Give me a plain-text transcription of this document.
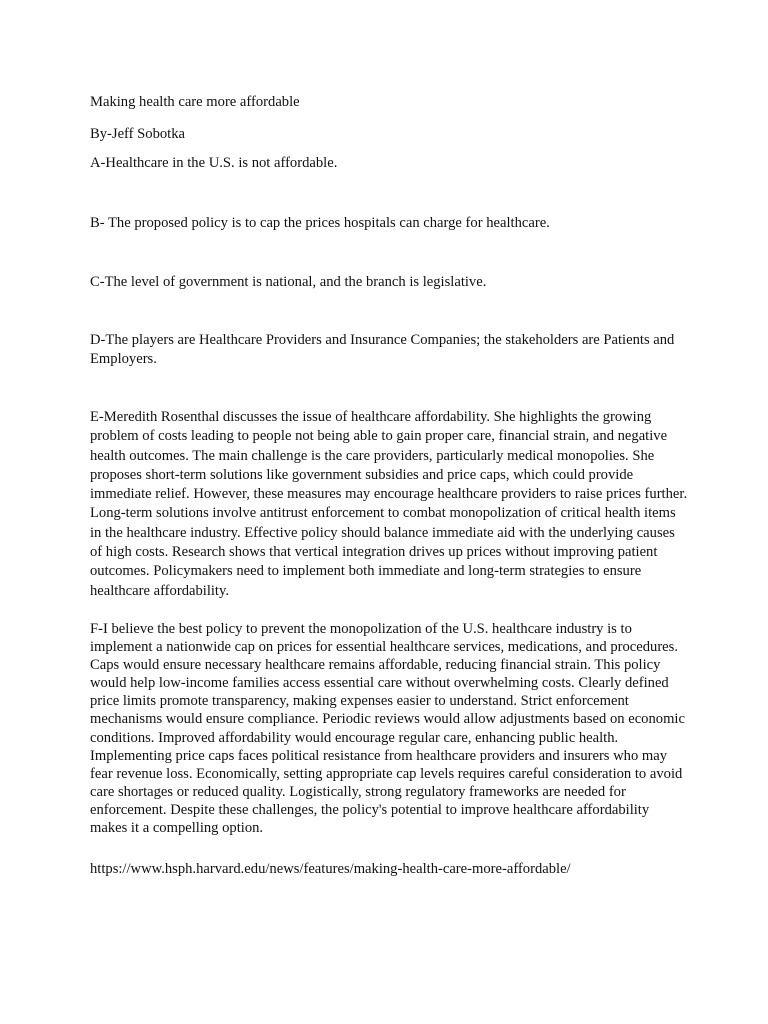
Making health care more affordable

By-Jeff Sobotka

A-Healthcare in the U.S. is not affordable.

B- The proposed policy is to cap the prices hospitals can charge for healthcare.

C-The level of government is national, and the branch is legislative.

D-The players are Healthcare Providers and Insurance Companies; the stakeholders are Patients and Employers.

E-Meredith Rosenthal discusses the issue of healthcare affordability. She highlights the growing problem of costs leading to people not being able to gain proper care, financial strain, and negative health outcomes. The main challenge is the care providers, particularly medical monopolies. She proposes short-term solutions like government subsidies and price caps, which could provide immediate relief. However, these measures may encourage healthcare providers to raise prices further. Long-term solutions involve antitrust enforcement to combat monopolization of critical health items in the healthcare industry. Effective policy should balance immediate aid with the underlying causes of high costs. Research shows that vertical integration drives up prices without improving patient outcomes. Policymakers need to implement both immediate and long-term strategies to ensure healthcare affordability.

F-I believe the best policy to prevent the monopolization of the U.S. healthcare industry is to implement a nationwide cap on prices for essential healthcare services, medications, and procedures. Caps would ensure necessary healthcare remains affordable, reducing financial strain. This policy would help low-income families access essential care without overwhelming costs. Clearly defined price limits promote transparency, making expenses easier to understand. Strict enforcement mechanisms would ensure compliance. Periodic reviews would allow adjustments based on economic conditions. Improved affordability would encourage regular care, enhancing public health. Implementing price caps faces political resistance from healthcare providers and insurers who may fear revenue loss. Economically, setting appropriate cap levels requires careful consideration to avoid care shortages or reduced quality. Logistically, strong regulatory frameworks are needed for enforcement. Despite these challenges, the policy's potential to improve healthcare affordability makes it a compelling option.

https://www.hsph.harvard.edu/news/features/making-health-care-more-affordable/
